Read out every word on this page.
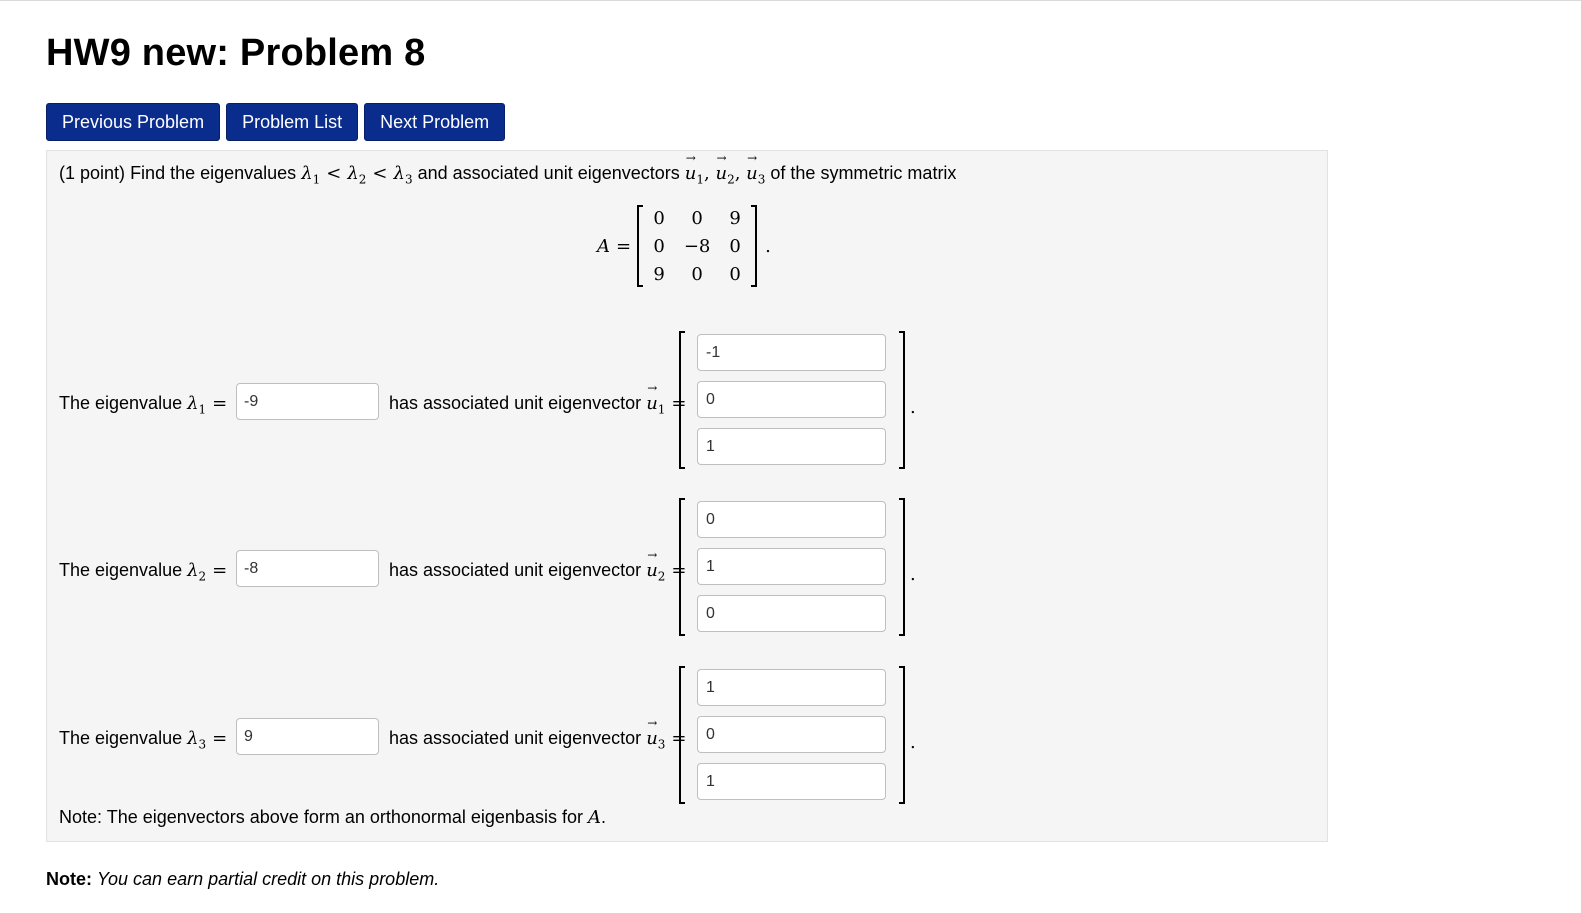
HW9 new: Problem 8
Previous Problem	Problem List	Next Problem
(1 point) Find the eigenvalues $\lambda_1 < \lambda_2 < \lambda_3$ and associated unit eigenvectors → $u_1$, → $u_2$, → $u_3$ of the symmetric matrix
A =
0 0 9
0 −8 0
9 0 0
.
The eigenvalue $\lambda_1$ =
-9	has associated unit eigenvector → $u_1$ =
-1
0
1	.
The eigenvalue $\lambda_2$ =
-8	has associated unit eigenvector → $u_2$ =
0
1
0	.
The eigenvalue $\lambda_3$ =
9	has associated unit eigenvector → $u_3$ =
1
0
1	.
Note: The eigenvectors above form an orthonormal eigenbasis for A.
Note: You can earn partial credit on this problem.
